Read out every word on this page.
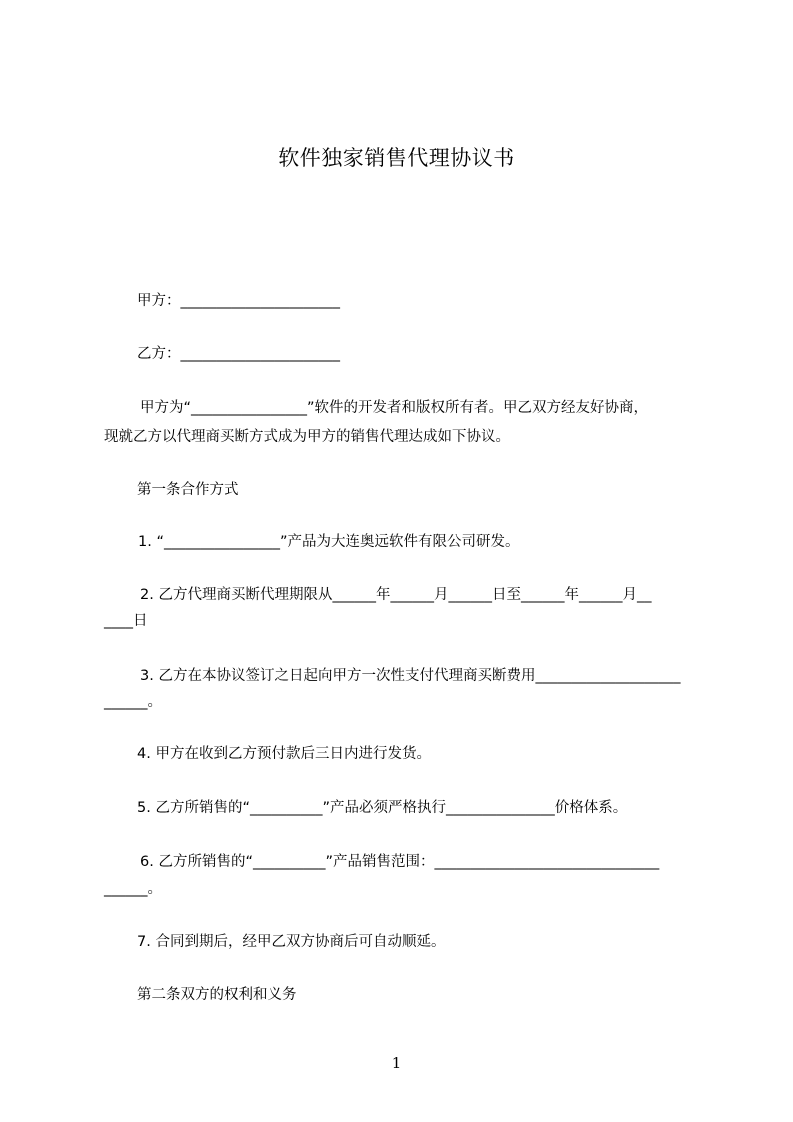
软件独家销售代理协议书
甲方：______________________
乙方：______________________
甲方为“________________”软件的开发者和版权所有者。甲乙双方经友好协商，
现就乙方以代理商买断方式成为甲方的销售代理达成如下协议。
第一条合作方式
1. “________________”产品为大连奥远软件有限公司研发。
2. 乙方代理商买断代理期限从______年______月______日至______年______月__
____日
3. 乙方在本协议签订之日起向甲方一次性支付代理商买断费用____________________
______。
4. 甲方在收到乙方预付款后三日内进行发货。
5. 乙方所销售的“__________”产品必须严格执行_______________价格体系。
6. 乙方所销售的“__________”产品销售范围：_______________________________
______。
7. 合同到期后，经甲乙双方协商后可自动顺延。
第二条双方的权利和义务
1
